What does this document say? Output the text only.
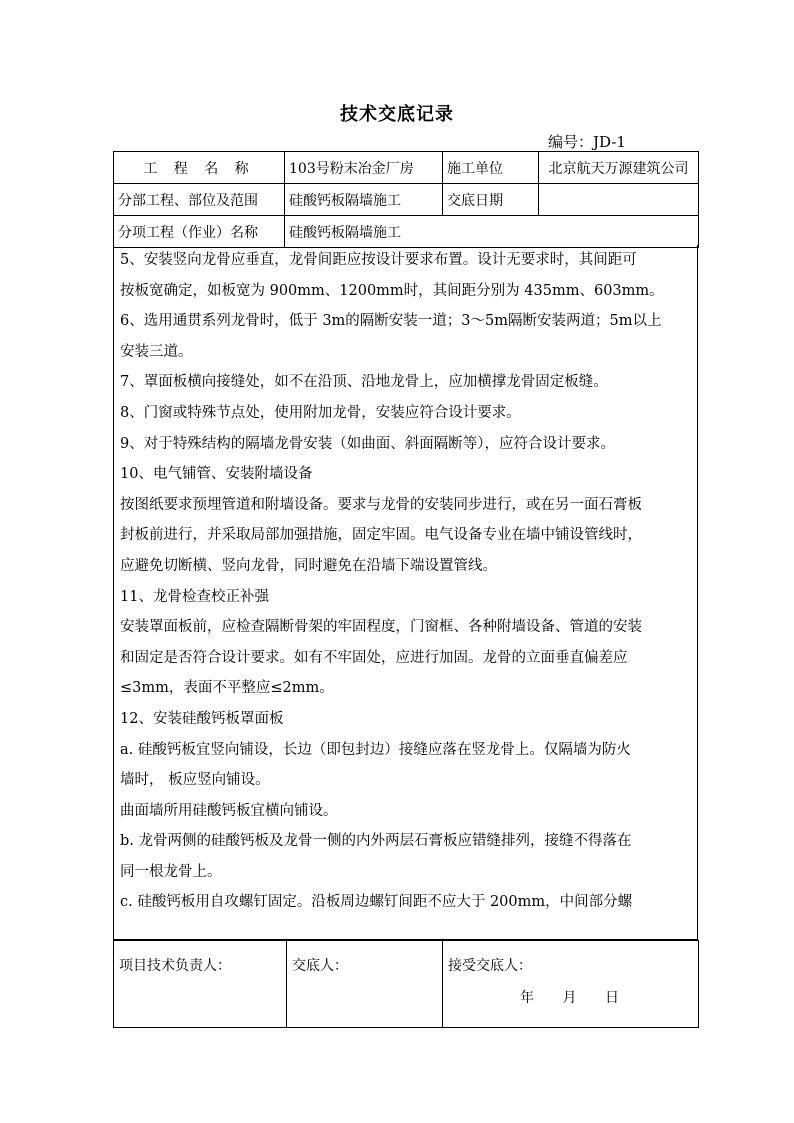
技术交底记录
编号：JD-1
工 程 名 称	103号粉末冶金厂房	施工单位	北京航天万源建筑公司
分部工程、部位及范围	硅酸钙板隔墙施工	交底日期	
分项工程（作业）名称	硅酸钙板隔墙施工		

5、安装竖向龙骨应垂直，龙骨间距应按设计要求布置。设计无要求时，其间距可

按板宽确定，如板宽为 900mm、1200mm时，其间距分别为 435mm、603mm。

6、选用通贯系列龙骨时，低于 3m的隔断安装一道；3～5m隔断安装两道；5m以上

安装三道。

7、罩面板横向接缝处，如不在沿顶、沿地龙骨上，应加横撑龙骨固定板缝。

8、门窗或特殊节点处，使用附加龙骨，安装应符合设计要求。

9、对于特殊结构的隔墙龙骨安装（如曲面、斜面隔断等），应符合设计要求。

10、电气铺管、安装附墙设备

按图纸要求预埋管道和附墙设备。要求与龙骨的安装同步进行，或在另一面石膏板

封板前进行，并采取局部加强措施，固定牢固。电气设备专业在墙中铺设管线时，

应避免切断横、竖向龙骨，同时避免在沿墙下端设置管线。

11、龙骨检查校正补强

安装罩面板前，应检查隔断骨架的牢固程度，门窗框、各种附墙设备、管道的安装

和固定是否符合设计要求。如有不牢固处，应进行加固。龙骨的立面垂直偏差应

≤3mm，表面不平整应≤2mm。

12、安装硅酸钙板罩面板

a. 硅酸钙板宜竖向铺设，长边（即包封边）接缝应落在竖龙骨上。仅隔墙为防火

墙时， 板应竖向铺设。

曲面墙所用硅酸钙板宜横向铺设。

b. 龙骨两侧的硅酸钙板及龙骨一侧的内外两层石膏板应错缝排列，接缝不得落在

同一根龙骨上。

c. 硅酸钙板用自攻螺钉固定。沿板周边螺钉间距不应大于 200mm，中间部分螺

项目技术负责人：	交底人：	接受交底人：
年 月 日
